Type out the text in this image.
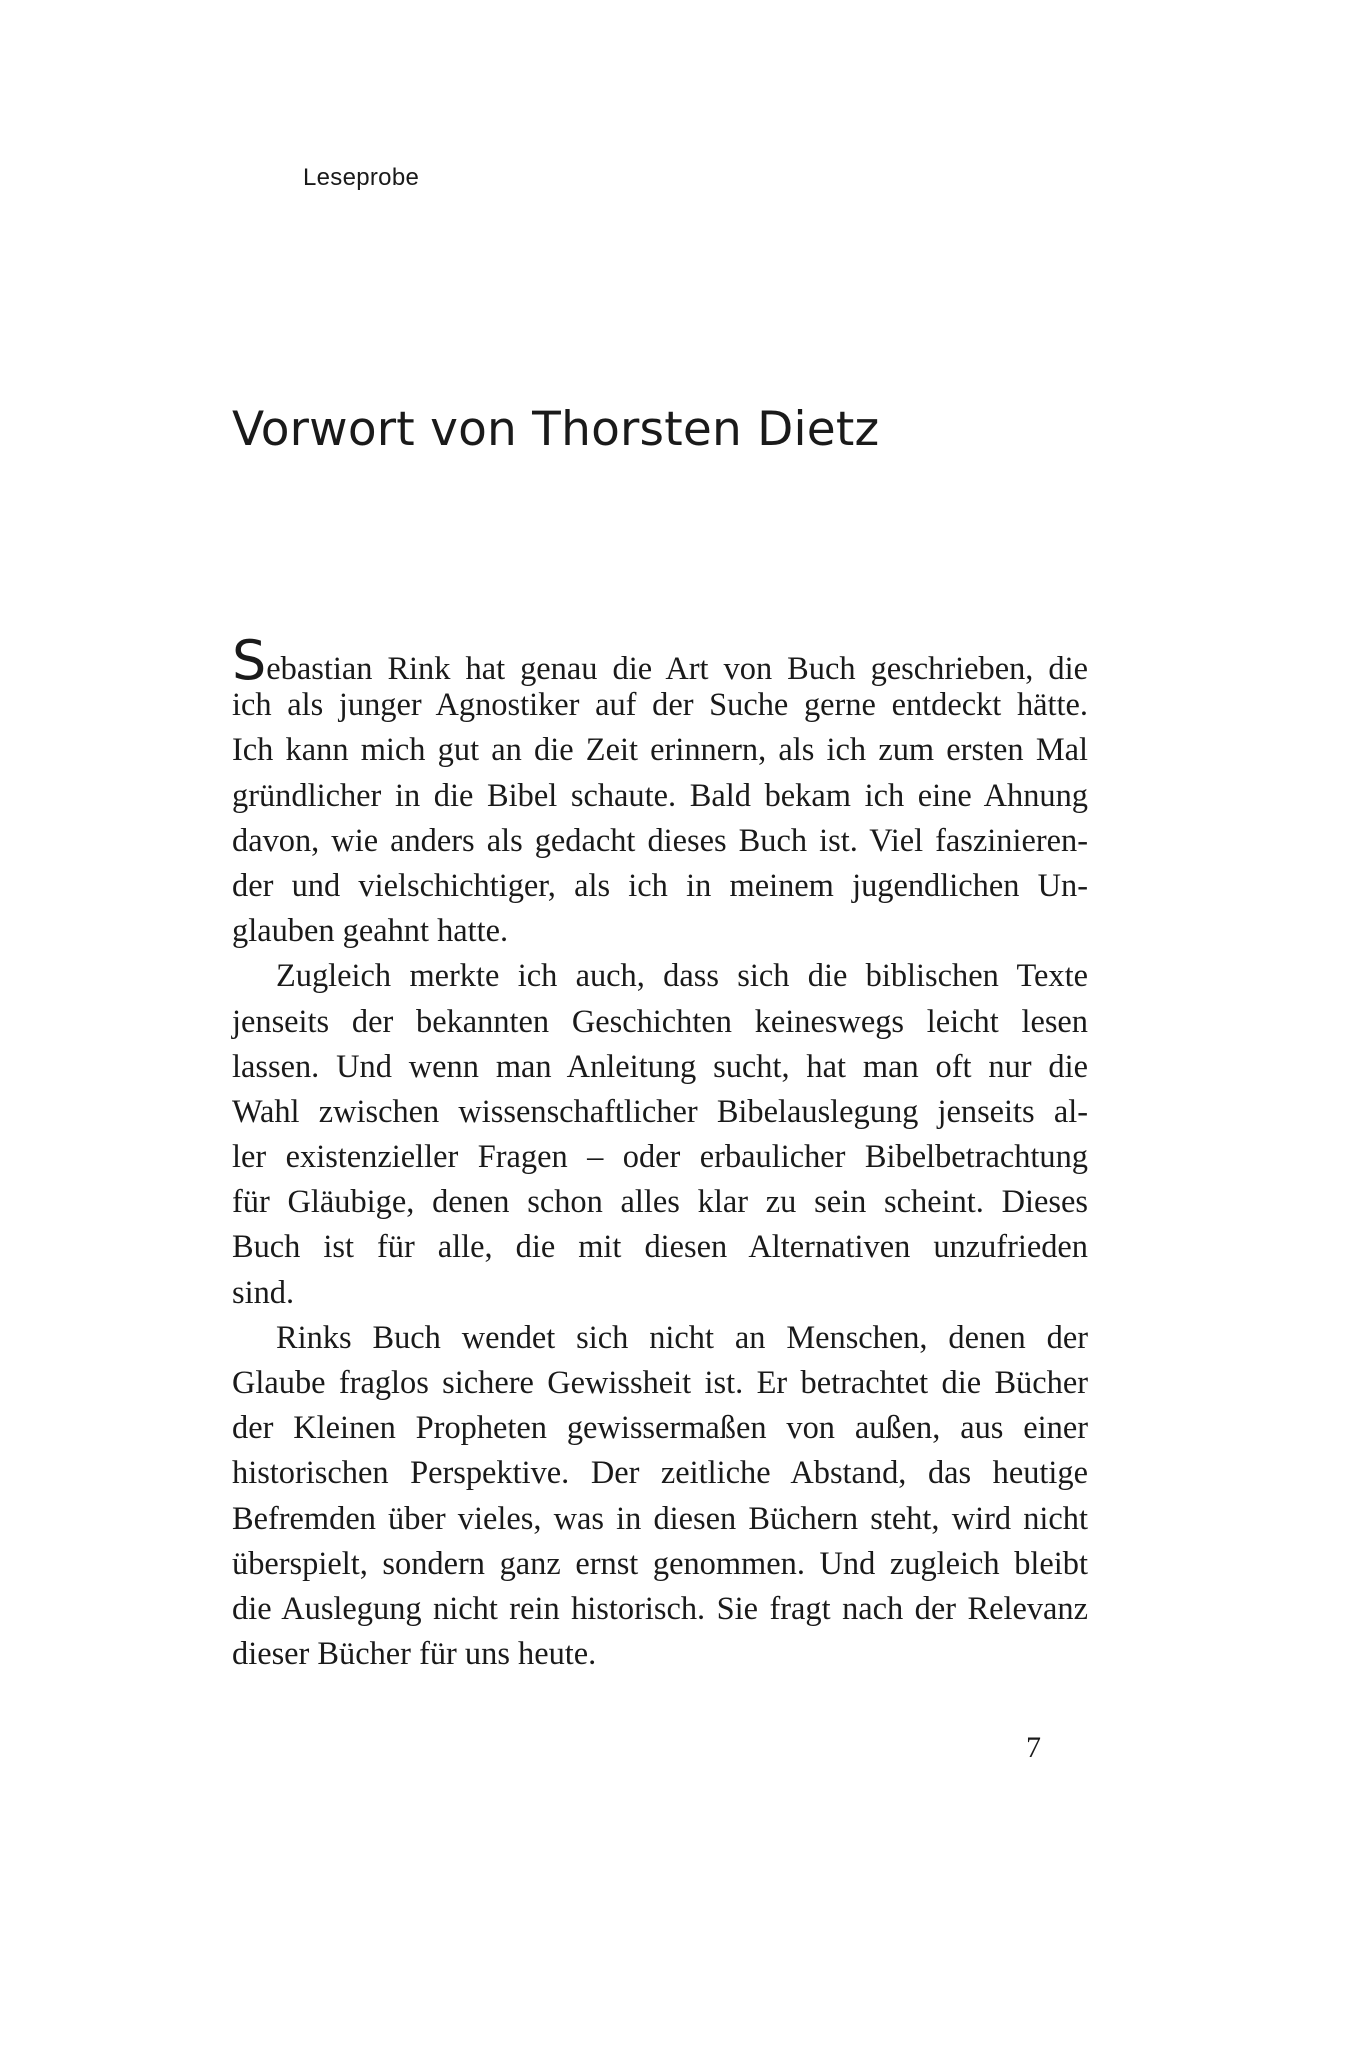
Leseprobe
Vorwort von Thorsten Dietz

Sebastian Rink hat genau die Art von Buch geschrieben, die
ich als junger Agnostiker auf der Suche gerne entdeckt hätte.
Ich kann mich gut an die Zeit erinnern, als ich zum ersten Mal
gründlicher in die Bibel schaute. Bald bekam ich eine Ahnung
davon, wie anders als gedacht dieses Buch ist. Viel faszinieren-
der und vielschichtiger, als ich in meinem jugendlichen Un-
glauben geahnt hatte.

Zugleich merkte ich auch, dass sich die biblischen Texte
jenseits der bekannten Geschichten keineswegs leicht lesen
lassen. Und wenn man Anleitung sucht, hat man oft nur die
Wahl zwischen wissenschaftlicher Bibelauslegung jenseits al-
ler existenzieller Fragen – oder erbaulicher Bibelbetrachtung
für Gläubige, denen schon alles klar zu sein scheint. Dieses
Buch ist für alle, die mit diesen Alternativen unzufrieden
sind.

Rinks Buch wendet sich nicht an Menschen, denen der
Glaube fraglos sichere Gewissheit ist. Er betrachtet die Bücher
der Kleinen Propheten gewissermaßen von außen, aus einer
historischen Perspektive. Der zeitliche Abstand, das heutige
Befremden über vieles, was in diesen Büchern steht, wird nicht
überspielt, sondern ganz ernst genommen. Und zugleich bleibt
die Auslegung nicht rein historisch. Sie fragt nach der Relevanz
dieser Bücher für uns heute.

7
